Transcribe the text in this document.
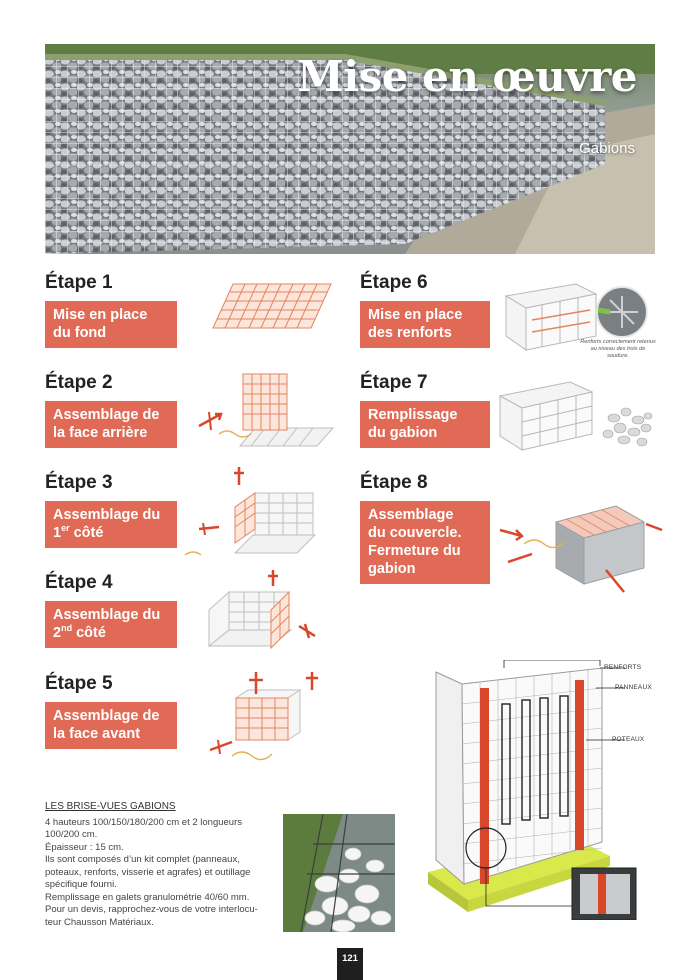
Mise en œuvre
Gabions
Étape 1
Mise en place
du fond
Étape 2
Assemblage de
la face arrière
Étape 3
Assemblage du
1er côté
Étape 4
Assemblage du
2nd côté
Étape 5
Assemblage de
la face avant
Étape 6
Mise en place
des renforts
Renforts correctement retenus au niveau des trois de soudure.
Étape 7
Remplissage
du gabion
Étape 8
Assemblage
du couvercle.
Fermeture du
gabion
LES BRISE-VUES GABIONS

4 hauteurs 100/150/180/200 cm et 2 longueurs

100/200 cm.

Épaisseur : 15 cm.

Ils sont composés d’un kit complet (panneaux,

poteaux, renforts, visserie et agrafes) et outillage

spécifique fourni.

Remplissage en galets granulométrie 40/60 mm.

Pour un devis, rapprochez-vous de votre interlocu-

teur Chausson Matériaux.

RENFORTS
PANNEAUX
POTEAUX
121
